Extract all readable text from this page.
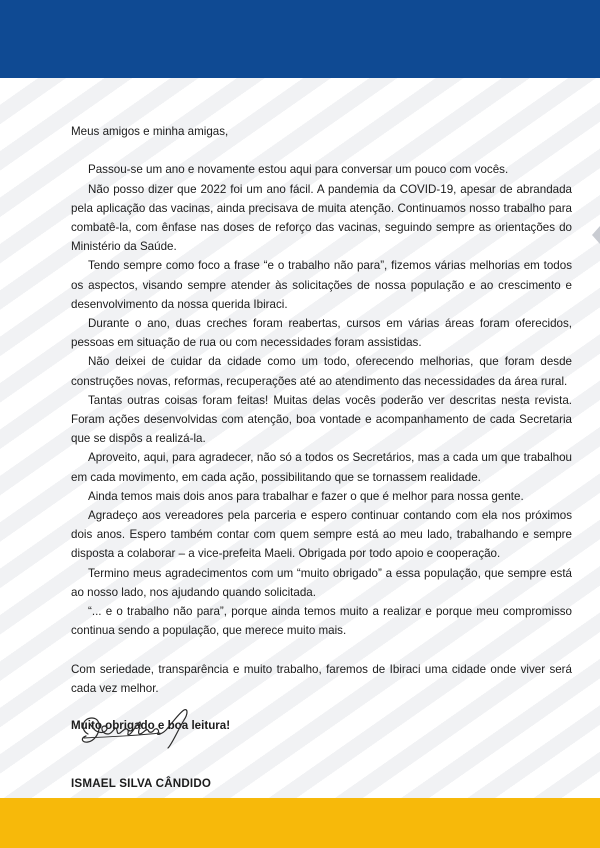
Meus amigos e minha amigas,

Passou-se um ano e novamente estou aqui para conversar um pouco com vocês.

Não posso dizer que 2022 foi um ano fácil. A pandemia da COVID-19, apesar de abrandada pela aplicação das vacinas, ainda precisava de muita atenção. Continuamos nosso trabalho para combatê-la, com ênfase nas doses de reforço das vacinas, seguindo sempre as orientações do Ministério da Saúde.

Tendo sempre como foco a frase “e o trabalho não para”, fizemos várias melhorias em todos os aspectos, visando sempre atender às solicitações de nossa população e ao crescimento e desenvolvimento da nossa querida Ibiraci.

Durante o ano, duas creches foram reabertas, cursos em várias áreas foram oferecidos, pessoas em situação de rua ou com necessidades foram assistidas.

Não deixei de cuidar da cidade como um todo, oferecendo melhorias, que foram desde construções novas, reformas, recuperações até ao atendimento das necessidades da área rural.

Tantas outras coisas foram feitas! Muitas delas vocês poderão ver descritas nesta revista. Foram ações desenvolvidas com atenção, boa vontade e acompanhamento de cada Secretaria que se dispôs a realizá-la.

Aproveito, aqui, para agradecer, não só a todos os Secretários, mas a cada um que trabalhou em cada movimento, em cada ação, possibilitando que se tornassem realidade.

Ainda temos mais dois anos para trabalhar e fazer o que é melhor para nossa gente.

Agradeço aos vereadores pela parceria e espero continuar contando com ela nos próximos dois anos. Espero também contar com quem sempre está ao meu lado, trabalhando e sempre disposta a colaborar – a vice-prefeita Maeli. Obrigada por todo apoio e cooperação.

Termino meus agradecimentos com um “muito obrigado” a essa população, que sempre está ao nosso lado, nos ajudando quando solicitada.

“... e o trabalho não para”, porque ainda temos muito a realizar e porque meu compromisso continua sendo a população, que merece muito mais.

Com seriedade, transparência e muito trabalho, faremos de Ibiraci uma cidade onde viver será cada vez melhor.

Muito obrigado e boa leitura!

ISMAEL SILVA CÂNDIDO
